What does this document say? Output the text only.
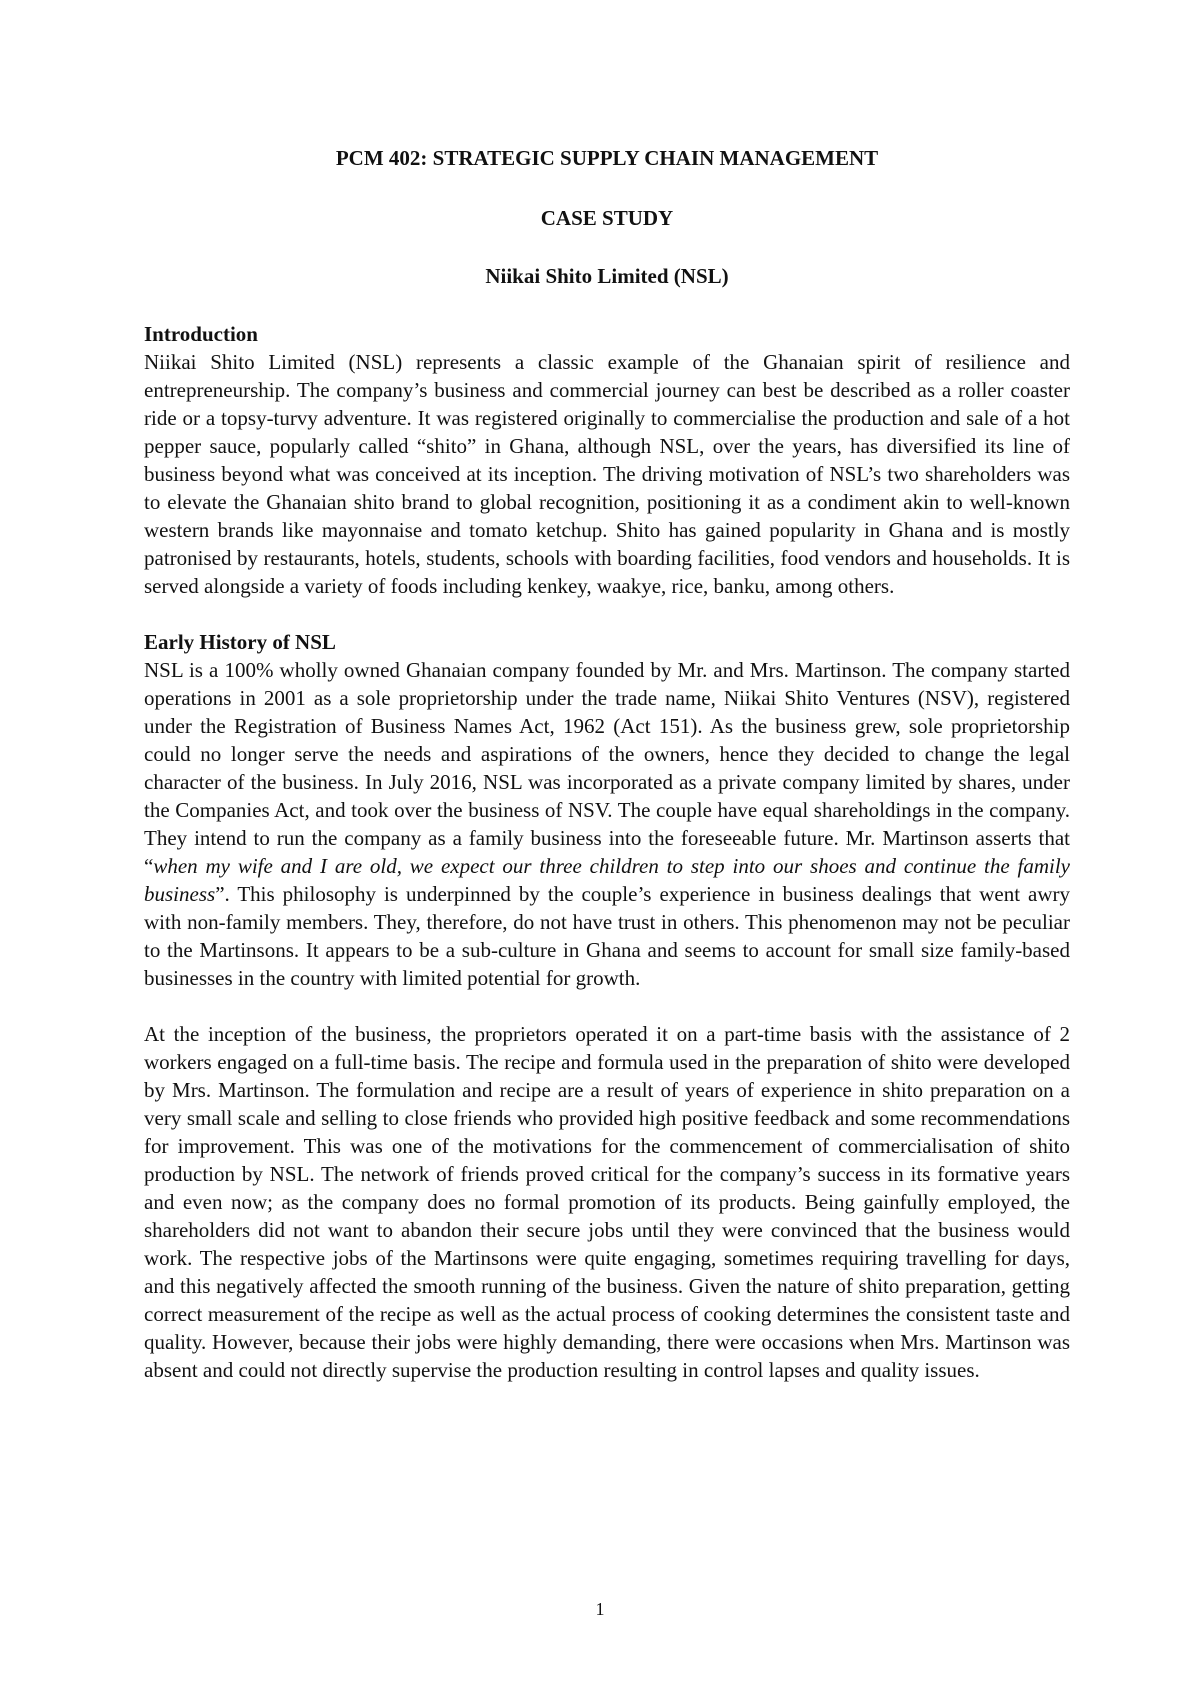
PCM 402: STRATEGIC SUPPLY CHAIN MANAGEMENT

CASE STUDY

Niikai Shito Limited (NSL)

Introduction

Niikai Shito Limited (NSL) represents a classic example of the Ghanaian spirit of resilience and entrepreneurship. The company’s business and commercial journey can best be described as a roller coaster ride or a topsy-turvy adventure. It was registered originally to commercialise the production and sale of a hot pepper sauce, popularly called “shito” in Ghana, although NSL, over the years, has diversified its line of business beyond what was conceived at its inception. The driving motivation of NSL’s two shareholders was to elevate the Ghanaian shito brand to global recognition, positioning it as a condiment akin to well-known western brands like mayonnaise and tomato ketchup. Shito has gained popularity in Ghana and is mostly patronised by restaurants, hotels, students, schools with boarding facilities, food vendors and households. It is served alongside a variety of foods including kenkey, waakye, rice, banku, among others.

Early History of NSL

NSL is a 100% wholly owned Ghanaian company founded by Mr. and Mrs. Martinson. The company started operations in 2001 as a sole proprietorship under the trade name, Niikai Shito Ventures (NSV), registered under the Registration of Business Names Act, 1962 (Act 151). As the business grew, sole proprietorship could no longer serve the needs and aspirations of the owners, hence they decided to change the legal character of the business. In July 2016, NSL was incorporated as a private company limited by shares, under the Companies Act, and took over the business of NSV. The couple have equal shareholdings in the company. They intend to run the company as a family business into the foreseeable future. Mr. Martinson asserts that “when my wife and I are old, we expect our three children to step into our shoes and continue the family business”. This philosophy is underpinned by the couple’s experience in business dealings that went awry with non-family members. They, therefore, do not have trust in others. This phenomenon may not be peculiar to the Martinsons. It appears to be a sub-culture in Ghana and seems to account for small size family-based businesses in the country with limited potential for growth.

At the inception of the business, the proprietors operated it on a part-time basis with the assistance of 2 workers engaged on a full-time basis. The recipe and formula used in the preparation of shito were developed by Mrs. Martinson. The formulation and recipe are a result of years of experience in shito preparation on a very small scale and selling to close friends who provided high positive feedback and some recommendations for improvement. This was one of the motivations for the commencement of commercialisation of shito production by NSL. The network of friends proved critical for the company’s success in its formative years and even now; as the company does no formal promotion of its products. Being gainfully employed, the shareholders did not want to abandon their secure jobs until they were convinced that the business would work. The respective jobs of the Martinsons were quite engaging, sometimes requiring travelling for days, and this negatively affected the smooth running of the business. Given the nature of shito preparation, getting correct measurement of the recipe as well as the actual process of cooking determines the consistent taste and quality. However, because their jobs were highly demanding, there were occasions when Mrs. Martinson was absent and could not directly supervise the production resulting in control lapses and quality issues.

1
